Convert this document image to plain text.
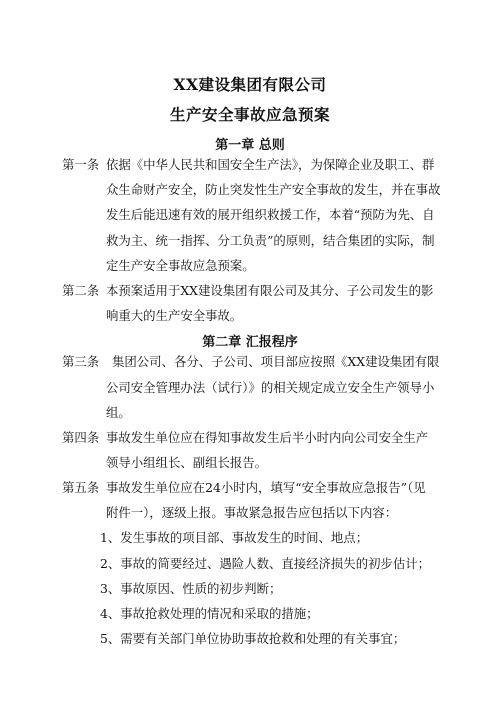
XX建设集团有限公司
生产安全事故应急预案
第一章 总则
第一条 依据《中华人民共和国安全生产法》，为保障企业及职工、群
众生命财产安全，防止突发性生产安全事故的发生，并在事故
发生后能迅速有效的展开组织救援工作，本着“预防为先、自
救为主、统一指挥、分工负责”的原则，结合集团的实际，制
定生产安全事故应急预案。
第二条 本预案适用于XX建设集团有限公司及其分、子公司发生的影
响重大的生产安全事故。
第二章 汇报程序
第三条 集团公司、各分、子公司、项目部应按照《XX建设集团有限
公司安全管理办法（试行）》的相关规定成立安全生产领导小
组。
第四条 事故发生单位应在得知事故发生后半小时内向公司安全生产
领导小组组长、副组长报告。
第五条 事故发生单位应在24小时内，填写“安全事故应急报告”（见
附件一），逐级上报。事故紧急报告应包括以下内容：
1、发生事故的项目部、事故发生的时间、地点；
2、事故的简要经过、遇险人数、直接经济损失的初步估计；
3、事故原因、性质的初步判断；
4、事故抢救处理的情况和采取的措施；
5、需要有关部门单位协助事故抢救和处理的有关事宜；
